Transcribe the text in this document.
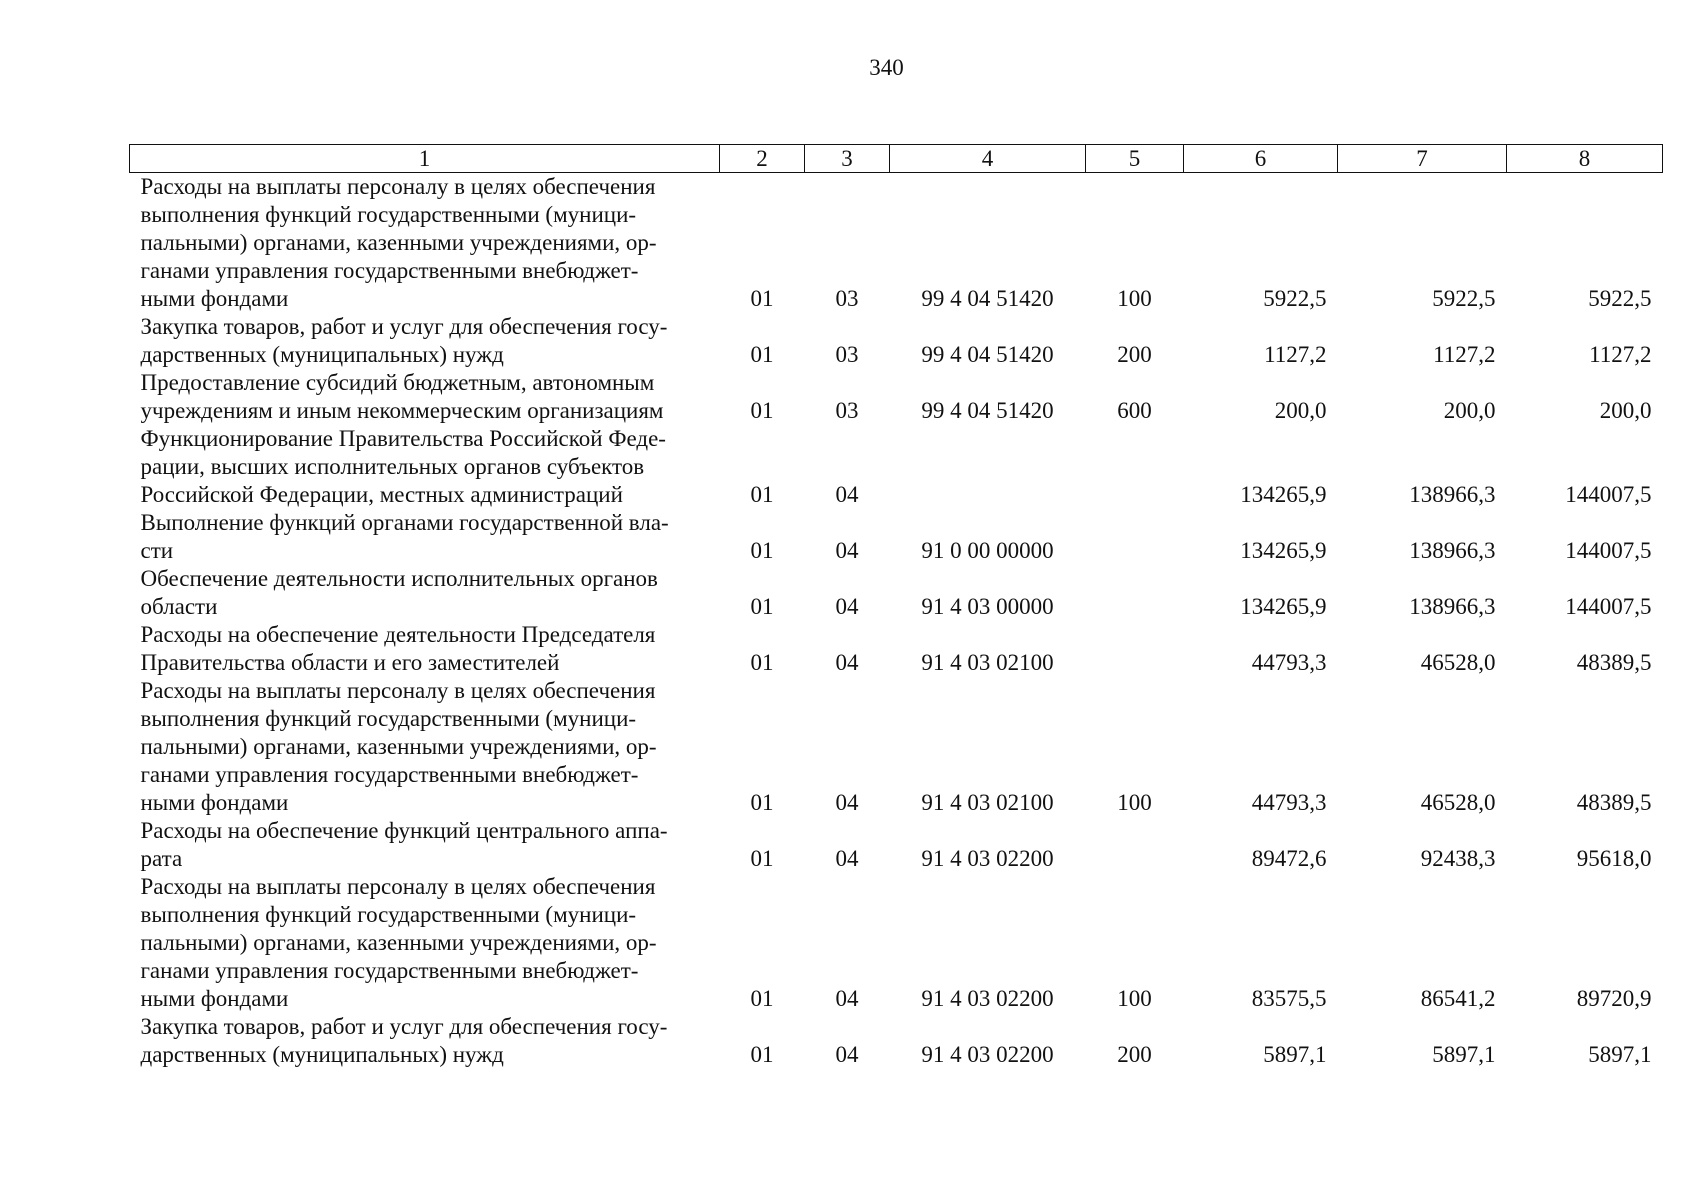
340
1	2	3	4	5	6	7	8

Расходы на выплаты персоналу в целях обеспечения
выполнения функций государственными (муници-
пальными) органами, казенными учреждениями, ор-
ганами управления государственными внебюджет-
ными фондами	01	03	99 4 04 51420	100	5922,5	5922,5	5922,5

Закупка товаров, работ и услуг для обеспечения госу-
дарственных (муниципальных) нужд	01	03	99 4 04 51420	200	1127,2	1127,2	1127,2

Предоставление субсидий бюджетным, автономным
учреждениям и иным некоммерческим организациям	01	03	99 4 04 51420	600	200,0	200,0	200,0

Функционирование Правительства Российской Феде-
рации, высших исполнительных органов субъектов
Российской Федерации, местных администраций	01	04			134265,9	138966,3	144007,5

Выполнение функций органами государственной вла-
сти	01	04	91 0 00 00000		134265,9	138966,3	144007,5

Обеспечение деятельности исполнительных органов
области	01	04	91 4 03 00000		134265,9	138966,3	144007,5

Расходы на обеспечение деятельности Председателя
Правительства области и его заместителей	01	04	91 4 03 02100		44793,3	46528,0	48389,5

Расходы на выплаты персоналу в целях обеспечения
выполнения функций государственными (муници-
пальными) органами, казенными учреждениями, ор-
ганами управления государственными внебюджет-
ными фондами	01	04	91 4 03 02100	100	44793,3	46528,0	48389,5

Расходы на обеспечение функций центрального аппа-
рата	01	04	91 4 03 02200		89472,6	92438,3	95618,0

Расходы на выплаты персоналу в целях обеспечения
выполнения функций государственными (муници-
пальными) органами, казенными учреждениями, ор-
ганами управления государственными внебюджет-
ными фондами	01	04	91 4 03 02200	100	83575,5	86541,2	89720,9

Закупка товаров, работ и услуг для обеспечения госу-
дарственных (муниципальных) нужд	01	04	91 4 03 02200	200	5897,1	5897,1	5897,1
